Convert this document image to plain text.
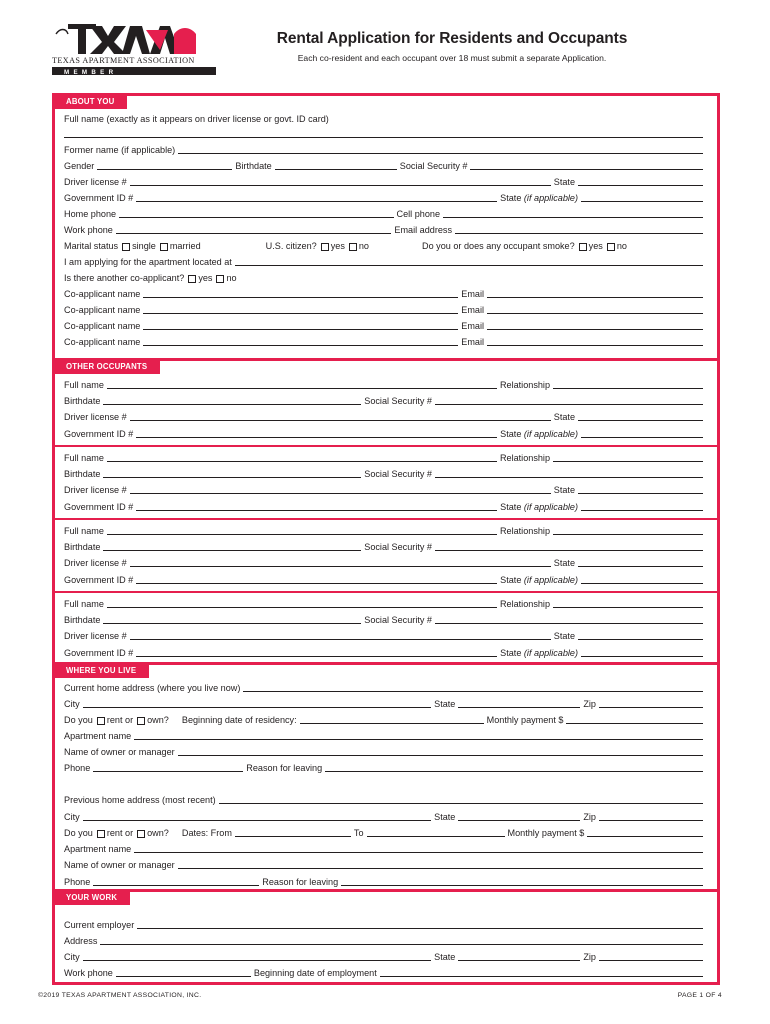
TEXAS APARTMENT ASSOCIATION
M E M B E R
Rental Application for Residents and Occupants
Each co-resident and each occupant over 18 must submit a separate Application.
ABOUT YOU
Full name (exactly as it appears on driver license or govt. ID card)
Former name (if applicable)
Gender	Birthdate	Social Security #
Driver license #	State
Government ID #	State (if applicable)
Home phone	Cell phone
Work phone	Email address
Marital status	single	married	U.S. citizen?	yes	no	Do you or does any occupant smoke?	yes	no
I am applying for the apartment located at
Is there another co-applicant?	yes	no
Co-applicant name	Email
Co-applicant name	Email
Co-applicant name	Email
Co-applicant name	Email
OTHER OCCUPANTS
Full name	Relationship
Birthdate	Social Security #
Driver license #	State
Government ID #	State (if applicable)
Full name	Relationship
Birthdate	Social Security #
Driver license #	State
Government ID #	State (if applicable)
Full name	Relationship
Birthdate	Social Security #
Driver license #	State
Government ID #	State (if applicable)
Full name	Relationship
Birthdate	Social Security #
Driver license #	State
Government ID #	State (if applicable)
WHERE YOU LIVE
Current home address (where you live now)
City	State	Zip
Do you	rent or	own?	Beginning date of residency:	Monthly payment $
Apartment name
Name of owner or manager
Phone	Reason for leaving
Previous home address (most recent)
City	State	Zip
Do you	rent or	own?	Dates: From	To	Monthly payment $
Apartment name
Name of owner or manager
Phone	Reason for leaving
YOUR WORK
Current employer
Address
City	State	Zip
Work phone	Beginning date of employment
©2019 TEXAS APARTMENT ASSOCIATION, INC.	PAGE 1 OF 4
